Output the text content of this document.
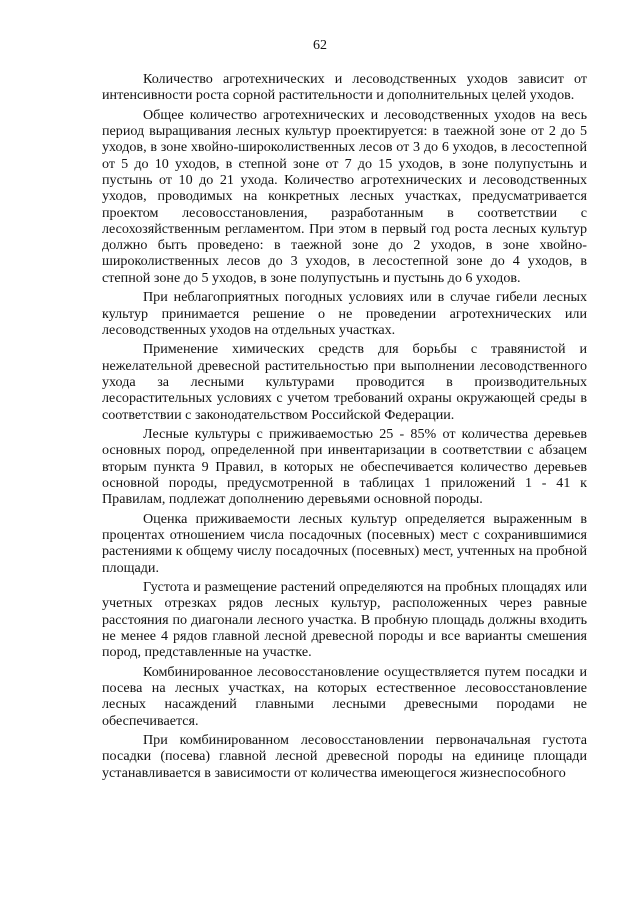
62

Количество агротехнических и лесоводственных уходов зависит от интенсивности роста сорной растительности и дополнительных целей уходов.

Общее количество агротехнических и лесоводственных уходов на весь период выращивания лесных культур проектируется: в таежной зоне от 2 до 5 уходов, в зоне хвойно-широколиственных лесов от 3 до 6 уходов, в лесостепной от 5 до 10 уходов, в степной зоне от 7 до 15 уходов, в зоне полупустынь и пустынь от 10 до 21 ухода. Количество агротехнических и лесоводственных уходов, проводимых на конкретных лесных участках, предусматривается проектом лесовосстановления, разработанным в соответствии с лесохозяйственным регламентом. При этом в первый год роста лесных культур должно быть проведено: в таежной зоне до 2 уходов, в зоне хвойно-широколиственных лесов до 3 уходов, в лесостепной зоне до 4 уходов, в степной зоне до 5 уходов, в зоне полупустынь и пустынь до 6 уходов.

При неблагоприятных погодных условиях или в случае гибели лесных культур принимается решение о не проведении агротехнических или лесоводственных уходов на отдельных участках.

Применение химических средств для борьбы с травянистой и нежелательной древесной растительностью при выполнении лесоводственного ухода за лесными культурами проводится в производительных лесорастительных условиях с учетом требований охраны окружающей среды в соответствии с законодательством Российской Федерации.

Лесные культуры с приживаемостью 25 - 85% от количества деревьев основных пород, определенной при инвентаризации в соответствии с абзацем вторым пункта 9 Правил, в которых не обеспечивается количество деревьев основной породы, предусмотренной в таблицах 1 приложений 1 - 41 к Правилам, подлежат дополнению деревьями основной породы.

Оценка приживаемости лесных культур определяется выраженным в процентах отношением числа посадочных (посевных) мест с сохранившимися растениями к общему числу посадочных (посевных) мест, учтенных на пробной площади.

Густота и размещение растений определяются на пробных площадях или учетных отрезках рядов лесных культур, расположенных через равные расстояния по диагонали лесного участка. В пробную площадь должны входить не менее 4 рядов главной лесной древесной породы и все варианты смешения пород, представленные на участке.

Комбинированное лесовосстановление осуществляется путем посадки и посева на лесных участках, на которых естественное лесовосстановление лесных насаждений главными лесными древесными породами не обеспечивается.

При комбинированном лесовосстановлении первоначальная густота посадки (посева) главной лесной древесной породы на единице площади устанавливается в зависимости от количества имеющегося жизнеспособного
